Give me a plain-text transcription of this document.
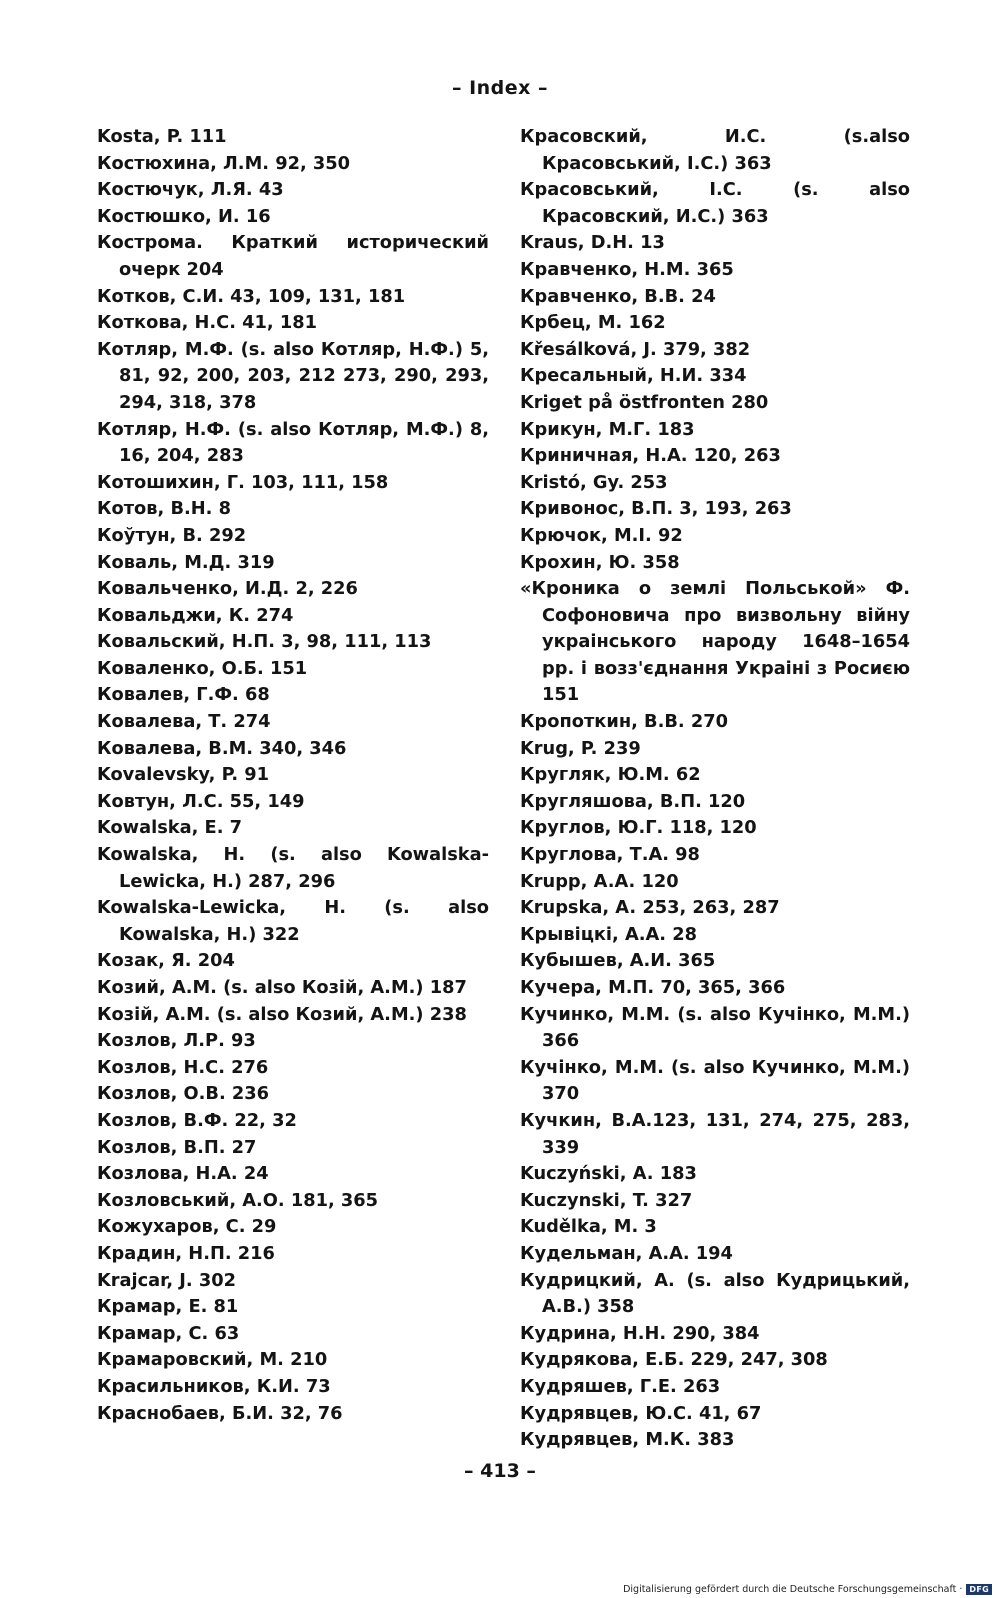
– Index –

Kosta, P. 111

Костюхина, Л.М. 92, 350

Костючук, Л.Я. 43

Костюшко, И. 16

Кострома. Краткий исторический очерк 204

Котков, С.И. 43, 109, 131, 181

Коткова, Н.С. 41, 181

Котляр, М.Ф. (s. also Котляр, Н.Ф.) 5, 81, 92, 200, 203, 212 273, 290, 293, 294, 318, 378

Котляр, Н.Ф. (s. also Котляр, М.Ф.) 8, 16, 204, 283

Котошихин, Г. 103, 111, 158

Котов, В.Н. 8

Коўтун, В. 292

Коваль, М.Д. 319

Ковальченко, И.Д. 2, 226

Ковальджи, К. 274

Ковальский, Н.П. 3, 98, 111, 113

Коваленко, О.Б. 151

Ковалев, Г.Ф. 68

Ковалева, Т. 274

Ковалева, В.М. 340, 346

Kovalevsky, P. 91

Ковтун, Л.С. 55, 149

Kowalska, E. 7

Kowalska, H. (s. also Kowalska-Lewicka, H.) 287, 296

Kowalska-Lewicka, H. (s. also Kowalska, H.) 322

Козак, Я. 204

Козий, А.М. (s. also Козiй, А.М.) 187

Козiй, А.М. (s. also Козий, А.М.) 238

Козлов, Л.Р. 93

Козлов, Н.С. 276

Козлов, О.В. 236

Козлов, В.Ф. 22, 32

Козлов, В.П. 27

Козлова, Н.А. 24

Козловський, А.О. 181, 365

Кожухаров, С. 29

Крадин, Н.П. 216

Krajcar, J. 302

Крамар, Е. 81

Крамар, С. 63

Крамаровский, М. 210

Красильников, К.И. 73

Краснобаев, Б.И. 32, 76

Красовский, И.С. (s.also Красовський, I.С.) 363

Красовський, I.С. (s. also Красовский, И.С.) 363

Kraus, D.H. 13

Кравченко, Н.М. 365

Кравченко, В.В. 24

Крбец, М. 162

Křesálková, J. 379, 382

Кресальный, Н.И. 334

Kriget på östfronten 280

Крикун, М.Г. 183

Криничная, Н.А. 120, 263

Kristó, Gy. 253

Кривонос, В.П. 3, 193, 263

Крючок, М.I. 92

Крохин, Ю. 358

«Кроника о землi Польськой» Ф. Софоновича про визвольну вiйну украiнського народу 1648–1654 pp. i возз'єднання Украiнi з Росиєю 151

Кропоткин, В.В. 270

Krug, P. 239

Кругляк, Ю.М. 62

Кругляшова, В.П. 120

Круглов, Ю.Г. 118, 120

Круглова, Т.А. 98

Krupp, A.A. 120

Krupska, A. 253, 263, 287

Крывiцкi, А.А. 28

Кубышев, А.И. 365

Кучера, М.П. 70, 365, 366

Кучинко, М.М. (s. also Кучiнко, М.М.) 366

Кучiнко, М.М. (s. also Кучинко, М.М.) 370

Кучкин, В.А.123, 131, 274, 275, 283, 339

Kuczyński, A. 183

Kuczynski, T. 327

Kudělka, M. 3

Кудельман, А.А. 194

Кудрицкий, А. (s. also Кудрицький, А.В.) 358

Кудрина, Н.Н. 290, 384

Кудрякова, Е.Б. 229, 247, 308

Кудряшев, Г.Е. 263

Кудрявцев, Ю.С. 41, 67

Кудрявцев, М.К. 383

– 413 –
Digitalisierung gefördert durch die Deutsche Forschungsgemeinschaft · DFG
